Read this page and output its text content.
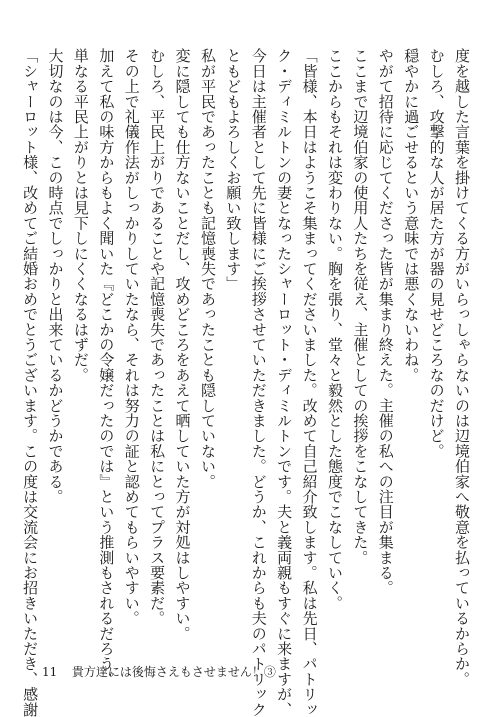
度を越した言葉を掛けてくる方がいらっしゃらないのは辺境伯家へ敬意を払っているからか。
むしろ、攻撃的な人が居た方が器の見せどころなのだけど。
穏やかに過ごせるという意味では悪くないわね。
やがて招待に応じてくださった皆が集まり終えた。主催の私への注目が集まる。
ここまで辺境伯家の使用人たちを従え、主催としての挨拶をこなしてきた。
ここからもそれは変わりない。胸を張り、堂々と毅然とした態度でこなしていく。
「皆様、本日はようこそ集まってくださいました。改めて自己紹介致します。私は先日、パトリッ
ク・ディミルトンの妻となったシャーロット・ディミルトンです。夫と義両親もすぐに来ますが、
今日は主催者として先に皆様にご挨拶させていただきました。どうか、これからも夫のパトリック
ともどもよろしくお願い致します」
私が平民であったことも記憶喪失であったことも隠していない。
変に隠しても仕方ないことだし、攻めどころをあえて晒していた方が対処はしやすい。
むしろ、平民上がりであることや記憶喪失であったことは私にとってプラス要素だ。
その上で礼儀作法がしっかりしていたなら、それは努力の証と認めてもらいやすい。
加えて私の味方からもよく聞いた『どこかの令嬢だったのでは』という推測もされるだろう。
単なる平民上がりとは見下しにくくなるはずだ。
大切なのは今、この時点でしっかりと出来ているかどうかである。
「シャーロット様、改めてご結婚おめでとうございます。この度は交流会にお招きいただき、感謝 11 貴方達には後悔さえもさせません！③
